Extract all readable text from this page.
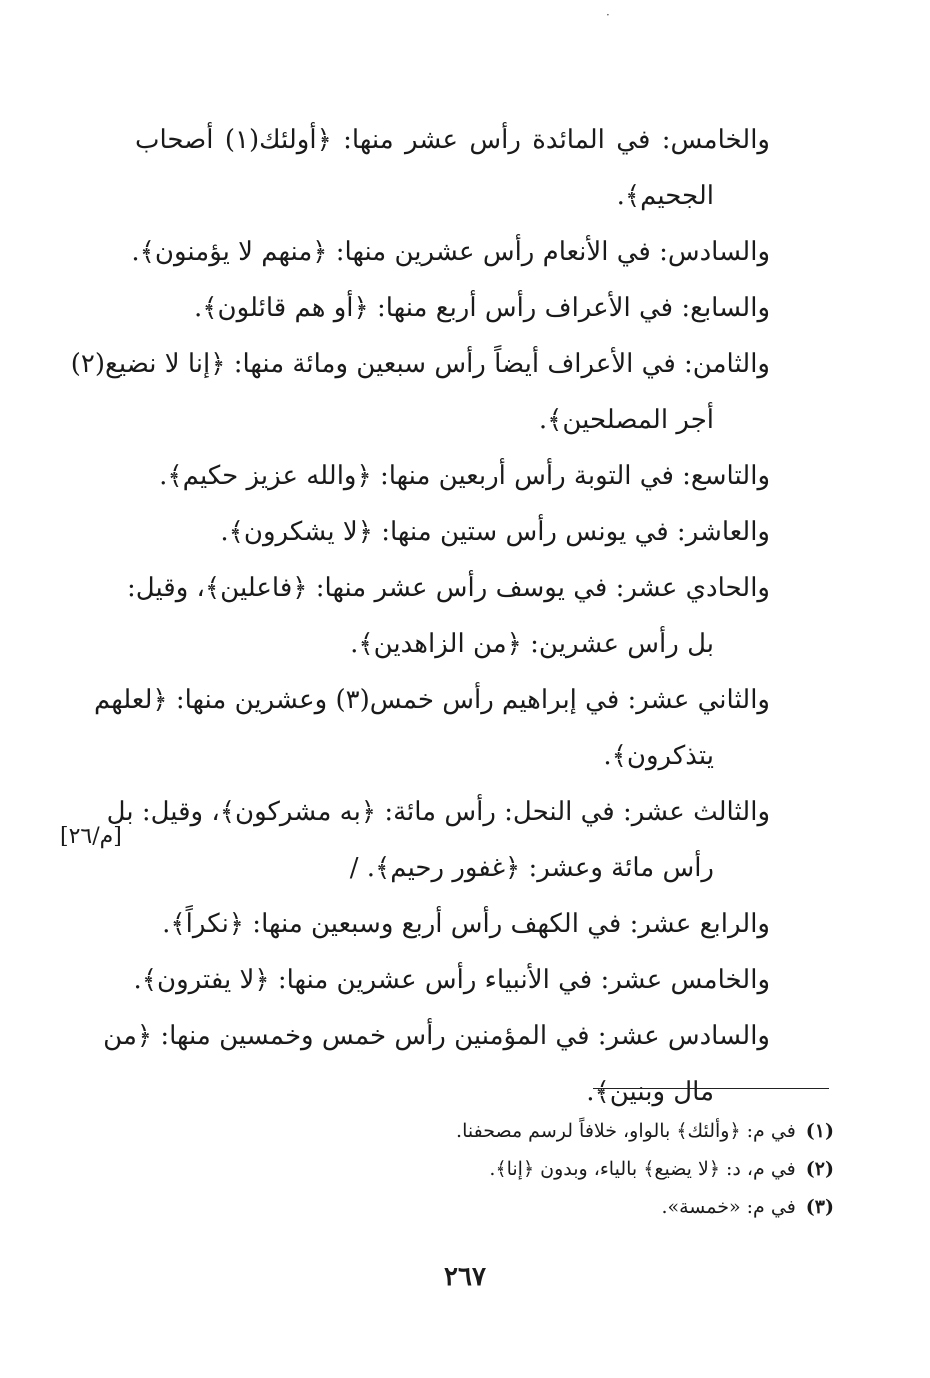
·

والخامس: في المائدة رأس عشر منها: ﴿أولئك(١) أصحاب
الجحيم﴾.

والسادس: في الأنعام رأس عشرين منها: ﴿منهم لا يؤمنون﴾.

والسابع: في الأعراف رأس أربع منها: ﴿أو هم قائلون﴾.

والثامن: في الأعراف أيضاً رأس سبعين ومائة منها: ﴿إنا لا نضيع(٢)
أجر المصلحين﴾.

والتاسع: في التوبة رأس أربعين منها: ﴿والله عزيز حكيم﴾.

والعاشر: في يونس رأس ستين منها: ﴿لا يشكرون﴾.

والحادي عشر: في يوسف رأس عشر منها: ﴿فاعلين﴾، وقيل:
بل رأس عشرين: ﴿من الزاهدين﴾.

والثاني عشر: في إبراهيم رأس خمس(٣) وعشرين منها: ﴿لعلهم
يتذكرون﴾.

والثالث عشر: في النحل: رأس مائة: ﴿به مشركون﴾، وقيل: بل
رأس مائة وعشر: ﴿غفور رحيم﴾. /

والرابع عشر: في الكهف رأس أربع وسبعين منها: ﴿نكراً﴾.

والخامس عشر: في الأنبياء رأس عشرين منها: ﴿لا يفترون﴾.

والسادس عشر: في المؤمنين رأس خمس وخمسين منها: ﴿من
مال وبنين﴾.

[م/٢٦]
(١)في م: ﴿وألئك﴾ بالواو، خلافاً لرسم مصحفنا.
(٢)في م، د: ﴿لا يضيع﴾ بالياء، وبدون ﴿إنا﴾.
(٣)في م: «خمسة».
٢٦٧
